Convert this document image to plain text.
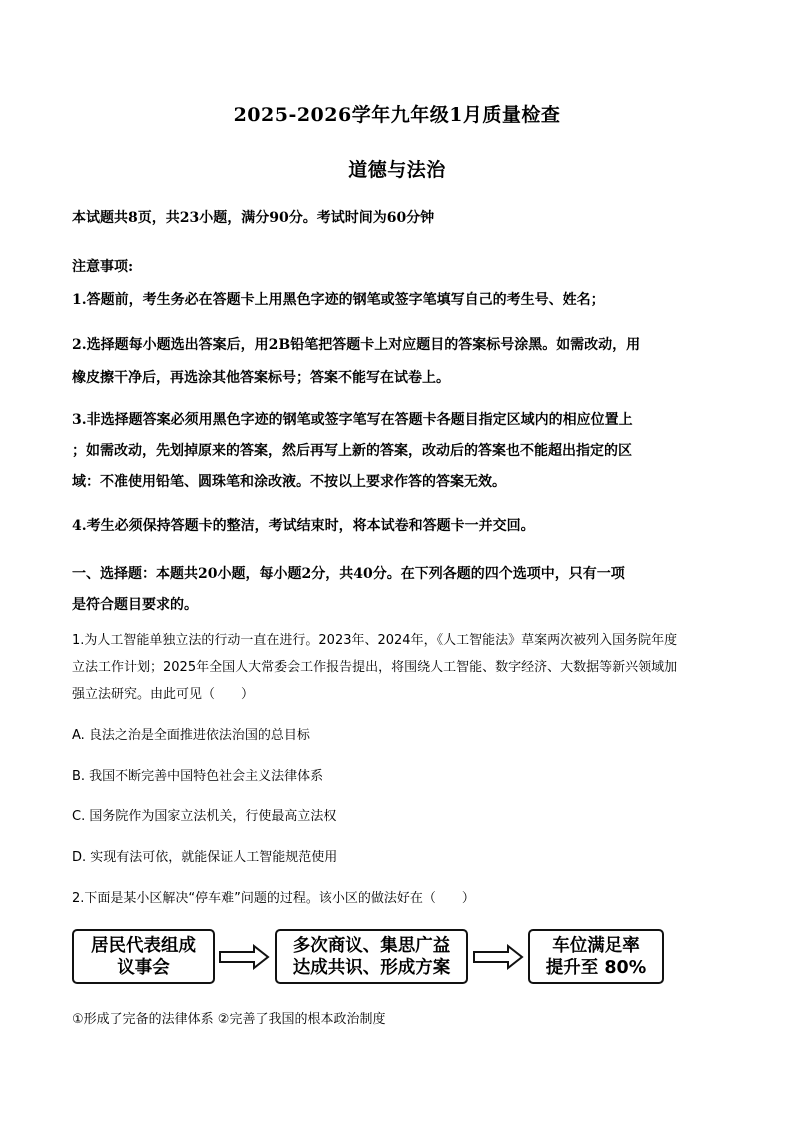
2025-2026学年九年级1月质量检查
道德与法治
本试题共8页，共23小题，满分90分。考试时间为60分钟
注意事项:
1.答题前，考生务必在答题卡上用黑色字迹的钢笔或签字笔填写自己的考生号、姓名；
2.选择题每小题选出答案后，用2B铅笔把答题卡上对应题目的答案标号涂黑。如需改动，用
橡皮擦干净后，再选涂其他答案标号；答案不能写在试卷上。
3.非选择题答案必须用黑色字迹的钢笔或签字笔写在答题卡各题目指定区域内的相应位置上
；如需改动，先划掉原来的答案，然后再写上新的答案，改动后的答案也不能超出指定的区
域：不准使用铅笔、圆珠笔和涂改液。不按以上要求作答的答案无效。
4.考生必须保持答题卡的整洁，考试结束时，将本试卷和答题卡一并交回。
一、选择题：本题共20小题，每小题2分，共40分。在下列各题的四个选项中，只有一项
是符合题目要求的。
1.为人工智能单独立法的行动一直在进行。2023年、2024年，《人工智能法》草案两次被列入国务院年度
立法工作计划；2025年全国人大常委会工作报告提出，将围绕人工智能、数字经济、大数据等新兴领域加
强立法研究。由此可见（　　）
A. 良法之治是全面推进依法治国的总目标
B. 我国不断完善中国特色社会主义法律体系
C. 国务院作为国家立法机关，行使最高立法权
D. 实现有法可依，就能保证人工智能规范使用
2.下面是某小区解决“停车难”问题的过程。该小区的做法好在（　　）
居民代表组成
议事会
多次商议、集思广益
达成共识、形成方案
车位满足率
提升至 80%
①形成了完备的法律体系 ②完善了我国的根本政治制度
